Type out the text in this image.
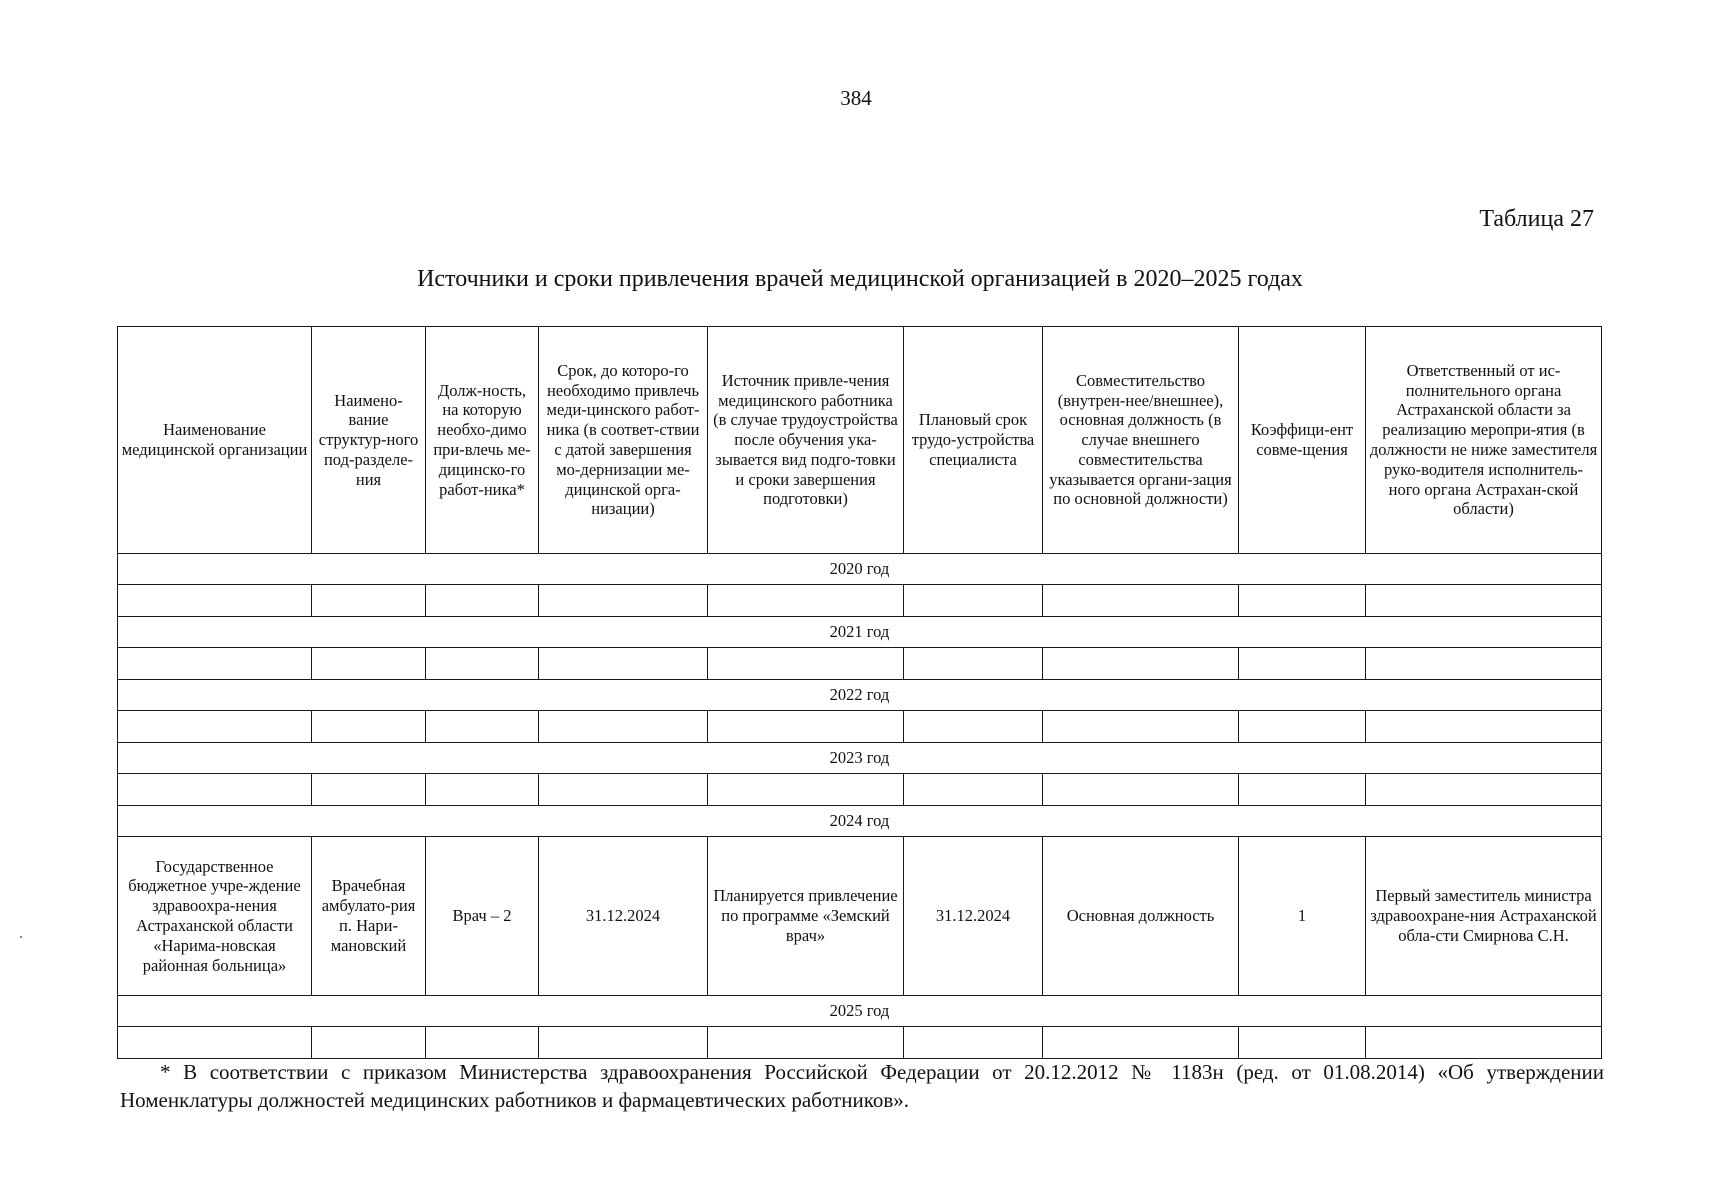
384
Таблица 27
Источники и сроки привлечения врачей медицинской организацией в 2020–2025 годах
Наименование медицинской организации	Наимено-вание структур-ного под-разделе-ния	Долж-ность, на которую необхо-димо при-влечь ме-дицинско-го работ-ника*	Срок, до которо-го необходимо привлечь меди-цинского работ-ника (в соответ-ствии с датой завершения мо-дернизации ме-дицинской орга-низации)	Источник привле-чения медицинского работника (в случае трудоустройства после обучения ука-зывается вид подго-товки и сроки завершения подготовки)	Плановый срок трудо-устройства специалиста	Совместительство (внутрен-нее/внешнее), основная должность (в случае внешнего совместительства указывается органи-зация по основной должности)	Коэффици-ент совме-щения	Ответственный от ис-полнительного органа Астраханской области за реализацию меропри-ятия (в должности не ниже заместителя руко-водителя исполнитель-ного органа Астрахан-ской области)
2020 год								

2021 год								

2022 год								

2023 год								

2024 год								
Государственное бюджетное учре-ждение здравоохра-нения Астраханской области «Нарима-новская районная больница»	Врачебная амбулато-рия п. Нари-мановский	Врач – 2	31.12.2024	Планируется привлечение по программе «Земский врач»	31.12.2024	Основная должность	1	Первый заместитель министра здравоохране-ния Астраханской обла-сти Смирнова С.Н.
2025 год								

* В соответствии с приказом Министерства здравоохранения Российской Федерации от 20.12.2012 № 1183н (ред. от 01.08.2014) «Об утверждении Номенклатуры должностей медицинских работников и фармацевтических работников».
